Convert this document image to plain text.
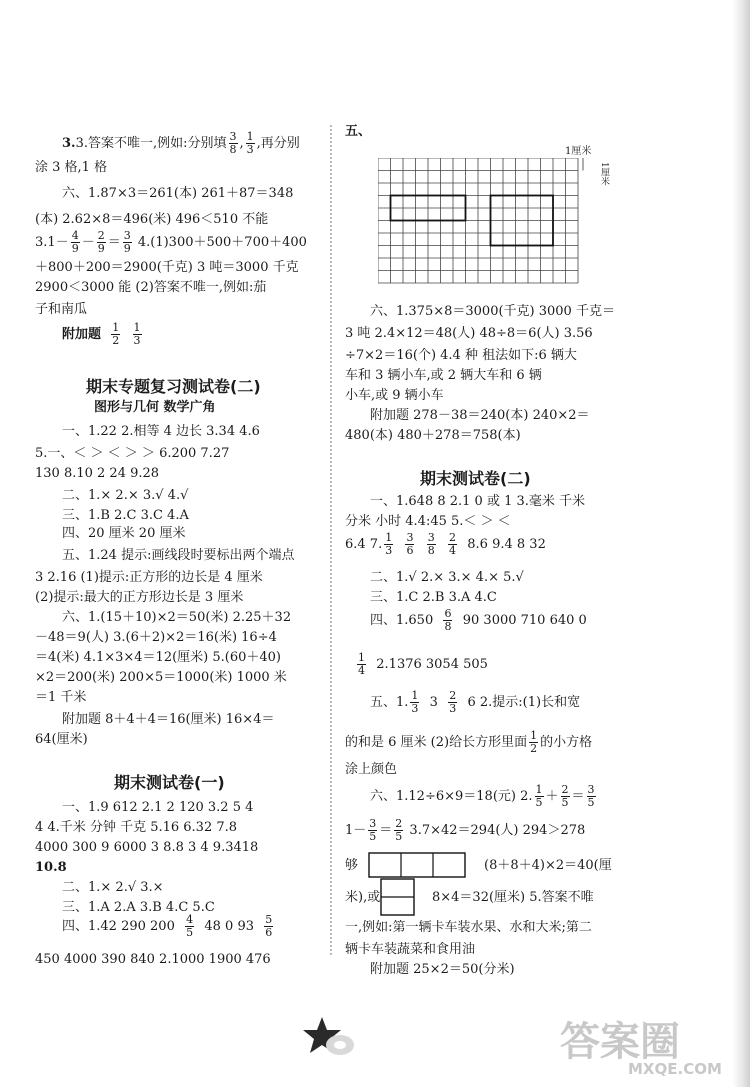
3.3.答案不唯一,例如:分别填 $\frac{3}{8}$ , $\frac{1}{3}$ ,再分别
涂 3 格,1 格
六、1.87×3＝261(本) 261＋87＝348
(本) 2.62×8＝496(米) 496＜510 不能
$3.1- \frac{4}{9} - \frac{2}{9} = \frac{3}{9} 4.(1)300+500+700+400$
＋800＋200＝2900(千克) 3 吨＝3000 千克
2900＜3000 能 (2)答案不唯一,例如:茄
子和南瓜
附加题 $\frac{1}{2}$
$\frac{1}{3}$
期末专题复习测试卷(二)
图形与几何 数学广角
一、1.22 2.相等 4 边长 3.34 4.6
5.一、＜ ＞ ＜ ＞ ＞ 6.200 7.27
130 8.10 2 24 9.28
二、1.× 2.× 3.√ 4.√
三、1.B 2.C 3.C 4.A
四、20 厘米 20 厘米
五、1.24 提示:画线段时要标出两个端点
3 2.16 (1)提示:正方形的边长是 4 厘米
(2)提示:最大的正方形边长是 3 厘米
六、1.(15＋10)×2＝50(米) 2.25＋32
－48＝9(人) 3.(6＋2)×2＝16(米) 16÷4
＝4(米) 4.1×3×4＝12(厘米) 5.(60＋40)
×2＝200(米) 200×5＝1000(米) 1000 米
＝1 千米
附加题 8＋4＋4＝16(厘米) 16×4＝
64(厘米)
期末测试卷(一)
一、1.9 612 2.1 2 120 3.2 5 4
4 4.千米 分钟 千克 5.16 6.32 7.8
4000 300 9 6000 3 8.8 3 4 9.3418
10.8
二、1.× 2.√ 3.×
三、1.A 2.A 3.B 4.C 5.C
四、1.42 290 $200 \frac{4}{5} 48$ 0 $93 \frac{5}{6}$
450 4000 390 840 2.1000 1900 476
五、
1厘米
1厘米
六、1.375×8＝3000(千克) 3000 千克＝
3 吨 2.4×12＝48(人) 48÷8＝6(人) 3.56
÷7×2＝16(个) 4.4 种 租法如下:6 辆大
车和 3 辆小车,或 2 辆大车和 6 辆
小车,或 9 辆小车
附加题 278－38＝240(本) 240×2＝
480(本) 480＋278＝758(本)
期末测试卷(二)
一、1.648 8 2.1 0 或 1 3.毫米 千米
分米 小时 4.4:45 5.＜ ＞ ＜
6.4 7. $\frac{1}{3}$
$\frac{3}{6}$
$\frac{3}{8}$
$\frac{2}{4} 8.6$ 9.4 8 32
二、1.√ 2.× 3.× 4.× 5.√
三、1.C 2.B 3.A 4.C
四、$1.650 \frac{6}{8} 90$ 3000 710 640 0
$\frac{1}{4} 2.1376$ 3054 505
五、1. $\frac{1}{3} 3 \frac{2}{3} 6$ 2.提示:(1)长和宽
的和是 6 厘米 (2)给长方形里面 $\frac{1}{2}$ 的小方格
涂上颜色
六、1.12÷6×9＝18(元) 2. $\frac{1}{5} + \frac{2}{5} = \frac{3}{5}$
$1- \frac{3}{5} = \frac{2}{5} 3.7\times 42=294$(人) 294＞278
够	(8＋8＋4)×2＝40(厘
米),或	8×4＝32(厘米) 5.答案不唯
一,例如:第一辆卡车装水果、水和大米;第二
辆卡车装蔬菜和食用油
附加题 25×2＝50(分米)
答案圈
MXQE.COM
